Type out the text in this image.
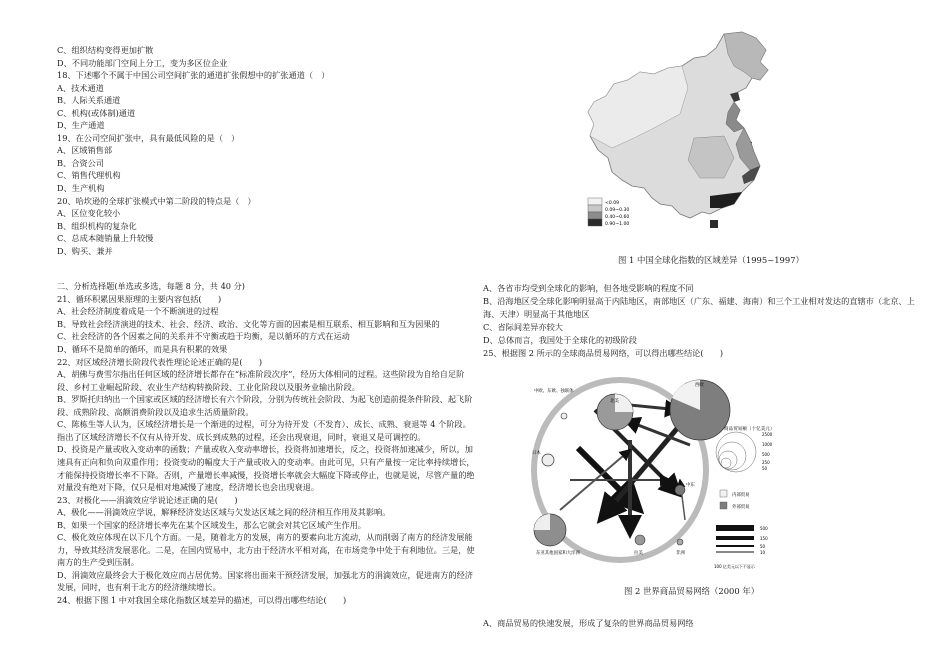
C、组织结构变得更加扩散
D、不同功能部门空间上分工，变为多区位企业
18、下述哪个不属于中国公司空间扩张的通道扩张假想中的扩张通道（　）
A、技术通道
B、人际关系通道
C、机构(或体制)通道
D、生产通道
19、在公司空间扩张中，具有最低风险的是（　）
A、区域销售部
B、合资公司
C、销售代理机构
D、生产机构
20、哈坎逊的全球扩张模式中第二阶段的特点是（　）
A、区位变化较小
B、组织机构的复杂化
C、总成本随销量上升较慢
D、购买、兼并
二、分析选择题(单选或多选，每题 8 分，共 40 分)
21、循环积累因果原理的主要内容包括(　　)
A、社会经济制度着成是一个不断演进的过程
B、导致社会经济演进的技术、社会、经济、政治、文化等方面的因素是相互联系、相互影响和互为因果的
C、社会经济的各个因素之间的关系并不守衡或趋于均衡，是以循环的方式在运动
D、循环不是简单的循环，而是具有积累的效果
22、对区域经济增长阶段代表性理论论述正确的是(　　)
A、胡佛与费雪尔指出任何区域的经济增长都存在“标准阶段次序”，经历大体相同的过程。这些阶段为自给自足阶段、乡村工业崛起阶段、农业生产结构转换阶段、工业化阶段以及服务业输出阶段。
B、罗斯托归纳出一个国家或区域的经济增长有六个阶段，分别为传统社会阶段、为起飞创造前提条件阶段、起飞阶段、成熟阶段、高额消费阶段以及追求生活质量阶段。
C、陈栋生等人认为，区域经济增长是一个渐进的过程，可分为待开发（不发育）、成长、成熟、衰退等 4 个阶段。指出了区域经济增长不仅有从待开发、成长到成熟的过程，还会出现衰退，同时，衰退又是可调控的。
D、投资是产量或收入变动率的函数；产量或收入变动率增长，投资将加速增长，反之，投资将加速减少，所以，加速具有正向和负向双重作用；投资变动的幅度大于产量或收入的变动率。由此可见，只有产量按一定比率持续增长，才能保持投资增长率不下降。否则，产量增长率减慢，投资增长率就会大幅度下降或停止，也就是说，尽管产量的绝对量没有绝对下降，仅只是相对地减慢了速度，经济增长也会出现衰退。
23、对极化——涓滴效应学说论述正确的是(　　)
A、极化——涓滴效应学说，解释经济发达区域与欠发达区域之间的经济相互作用及其影响。
B、如果一个国家的经济增长率先在某个区域发生，那么它就会对其它区域产生作用。
C、极化效应体现在以下几个方面。一是，随着北方的发展，南方的要素向北方流动，从而削弱了南方的经济发展能力，导致其经济发展恶化。二是，在国内贸易中，北方由于经济水平相对高，在市场竞争中处于有利地位。三是，使南方的生产受到压制。
D、涓滴效应最终会大于极化效应而占居优势。国家将出面来干预经济发展，加强北方的涓滴效应，促进南方的经济发展，同时，也有利于北方的经济继续增长。
24、根据下图 1 中对我国全球化指数区域差异的描述，可以得出哪些结论(　　)
<0.09
0.09~0.30
0.40~0.60
0.90~1.00
图 1 中国全球化指数的区域差异（1995~1997）
A、各省市均受到全球化的影响，但各地受影响的程度不同
B、沿海地区受全球化影响明显高于内陆地区，南部地区（广东、福建、海南）和三个工业相对发达的直辖市（北京、上海、天津）明显高于其他地区
C、省际间差异亦较大
D、总体而言，我国处于全球化的初级阶段
25、根据图 2 所示的全球商品贸易网络，可以得出哪些结论(　　)
中欧、东欧、独联体
北美
西欧
日本
中东
东亚其他国家和大洋洲	拉美	非洲
商品贸易额（十亿美元）
2500
1000
500
250
50
内部贸易
外部贸易
500
150
50
10
100 亿美元以下不显示
图 2 世界商品贸易网络（2000 年）
A、商品贸易的快速发展，形成了复杂的世界商品贸易网络
